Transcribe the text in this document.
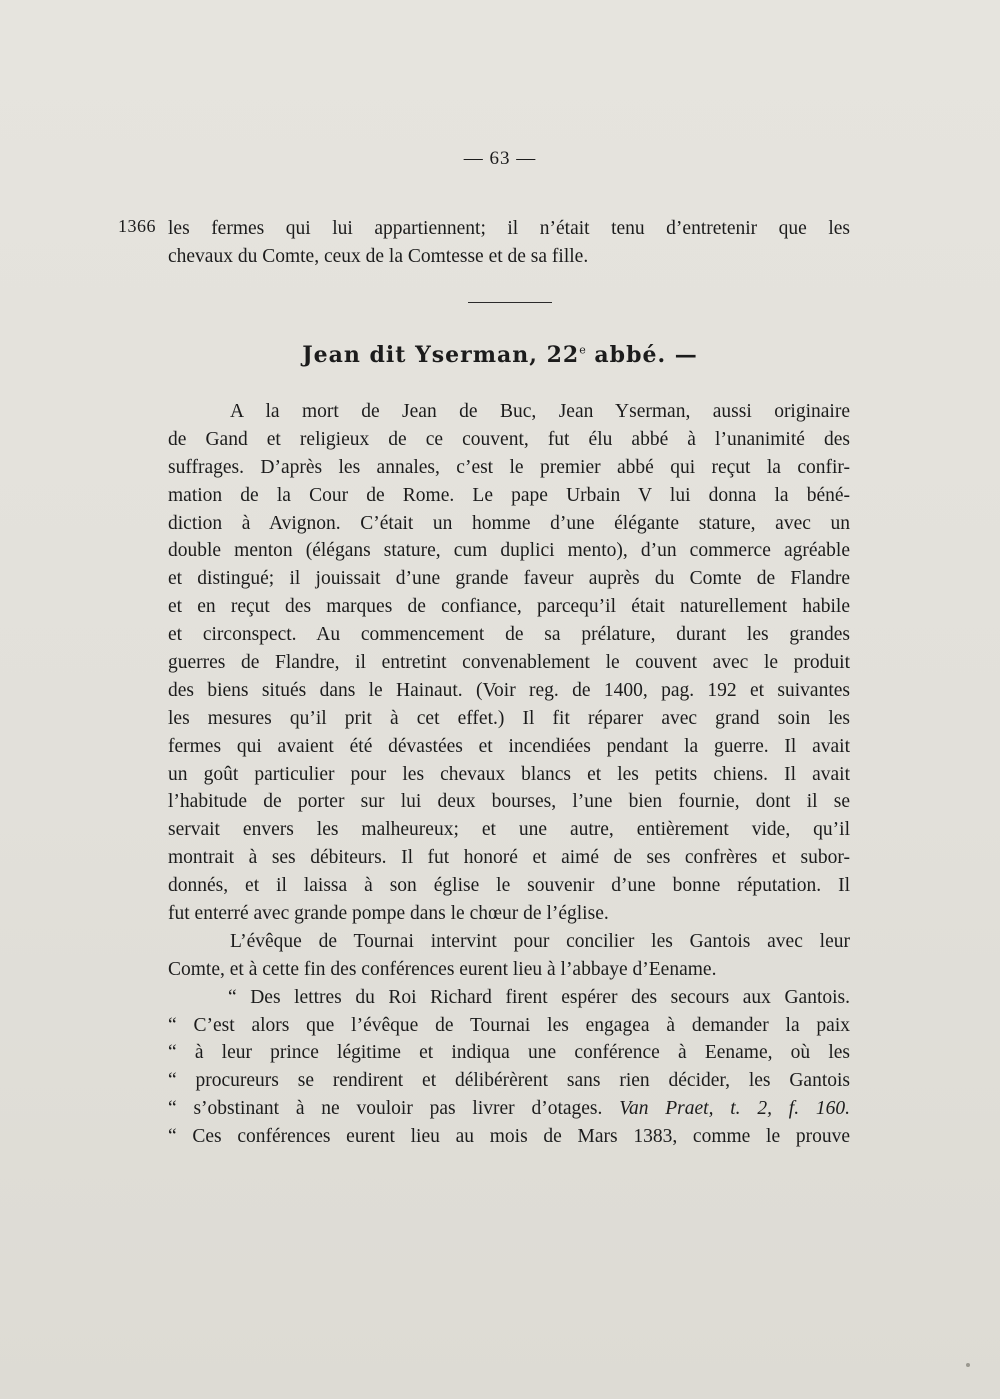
— 63 —
1366 les fermes qui lui appartiennent; il n’était tenu d’entretenir que les
chevaux du Comte, ceux de la Comtesse et de sa fille.
Jean dit Yserman, 22e abbé. —
A la mort de Jean de Buc, Jean Yserman, aussi originaire
de Gand et religieux de ce couvent, fut élu abbé à l’unanimité des
suffrages. D’après les annales, c’est le premier abbé qui reçut la confir-
mation de la Cour de Rome. Le pape Urbain V lui donna la béné-
diction à Avignon. C’était un homme d’une élégante stature, avec un
double menton (élégans stature, cum duplici mento), d’un commerce agréable
et distingué; il jouissait d’une grande faveur auprès du Comte de Flandre
et en reçut des marques de confiance, parcequ’il était naturellement habile
et circonspect. Au commencement de sa prélature, durant les grandes
guerres de Flandre, il entretint convenablement le couvent avec le produit
des biens situés dans le Hainaut. (Voir reg. de 1400, pag. 192 et suivantes
les mesures qu’il prit à cet effet.) Il fit réparer avec grand soin les
fermes qui avaient été dévastées et incendiées pendant la guerre. Il avait
un goût particulier pour les chevaux blancs et les petits chiens. Il avait
l’habitude de porter sur lui deux bourses, l’une bien fournie, dont il se
servait envers les malheureux; et une autre, entièrement vide, qu’il
montrait à ses débiteurs. Il fut honoré et aimé de ses confrères et subor-
donnés, et il laissa à son église le souvenir d’une bonne réputation. Il
fut enterré avec grande pompe dans le chœur de l’église.
L’évêque de Tournai intervint pour concilier les Gantois avec leur
Comte, et à cette fin des conférences eurent lieu à l’abbaye d’Eename.
“ Des lettres du Roi Richard firent espérer des secours aux Gantois.
“ C’est alors que l’évêque de Tournai les engagea à demander la paix
“ à leur prince légitime et indiqua une conférence à Eename, où les
“ procureurs se rendirent et délibérèrent sans rien décider, les Gantois
“ s’obstinant à ne vouloir pas livrer d’otages. Van Praet, t. 2, f. 160.
“ Ces conférences eurent lieu au mois de Mars 1383, comme le prouve
